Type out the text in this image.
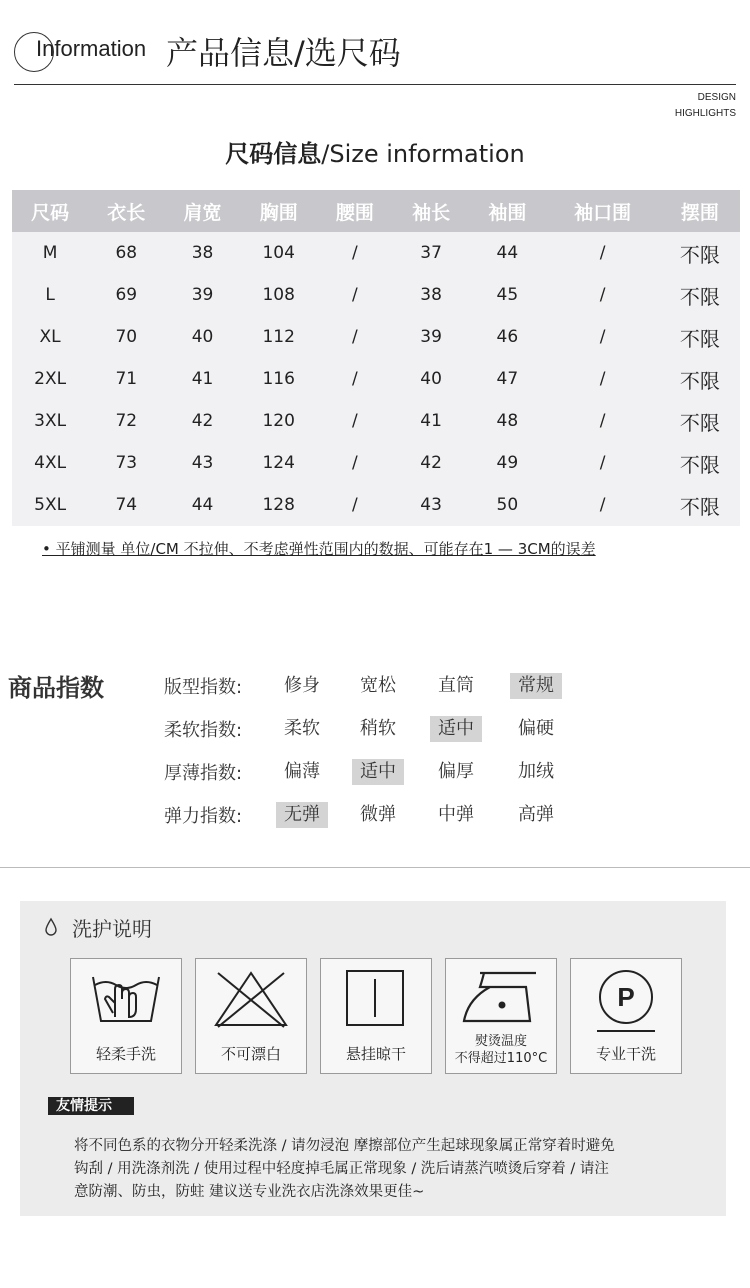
Information 产品信息/选尺码
DESIGN
HIGHLIGHTS
尺码信息/Size information
尺码	衣长	肩宽	胸围	腰围	袖长	袖围	袖口围	摆围
M	68	38	104	/	37	44	/	不限
L	69	39	108	/	38	45	/	不限
XL	70	40	112	/	39	46	/	不限
2XL	71	41	116	/	40	47	/	不限
3XL	72	42	120	/	41	48	/	不限
4XL	73	43	124	/	42	49	/	不限
5XL	74	44	128	/	43	50	/	不限
• 平铺测量 单位/CM 不拉伸、不考虑弹性范围内的数据、可能存在1 — 3CM的误差
商品指数	版型指数:	修身	宽松	直筒	常规
柔软指数:	柔软	稍软	适中	偏硬
厚薄指数:	偏薄	适中	偏厚	加绒
弹力指数:	无弹	微弹	中弹	高弹
洗护说明
轻柔手洗	不可漂白	悬挂晾干
熨烫温度
不得超过110°C
P
专业干洗
友情提示
将不同色系的衣物分开轻柔洗涤 / 请勿浸泡 摩擦部位产生起球现象属正常穿着时避免
钩刮 / 用洗涤剂洗 / 使用过程中轻度掉毛属正常现象 / 洗后请蒸汽喷烫后穿着 / 请注
意防潮、防虫，防蛀 建议送专业洗衣店洗涤效果更佳~
